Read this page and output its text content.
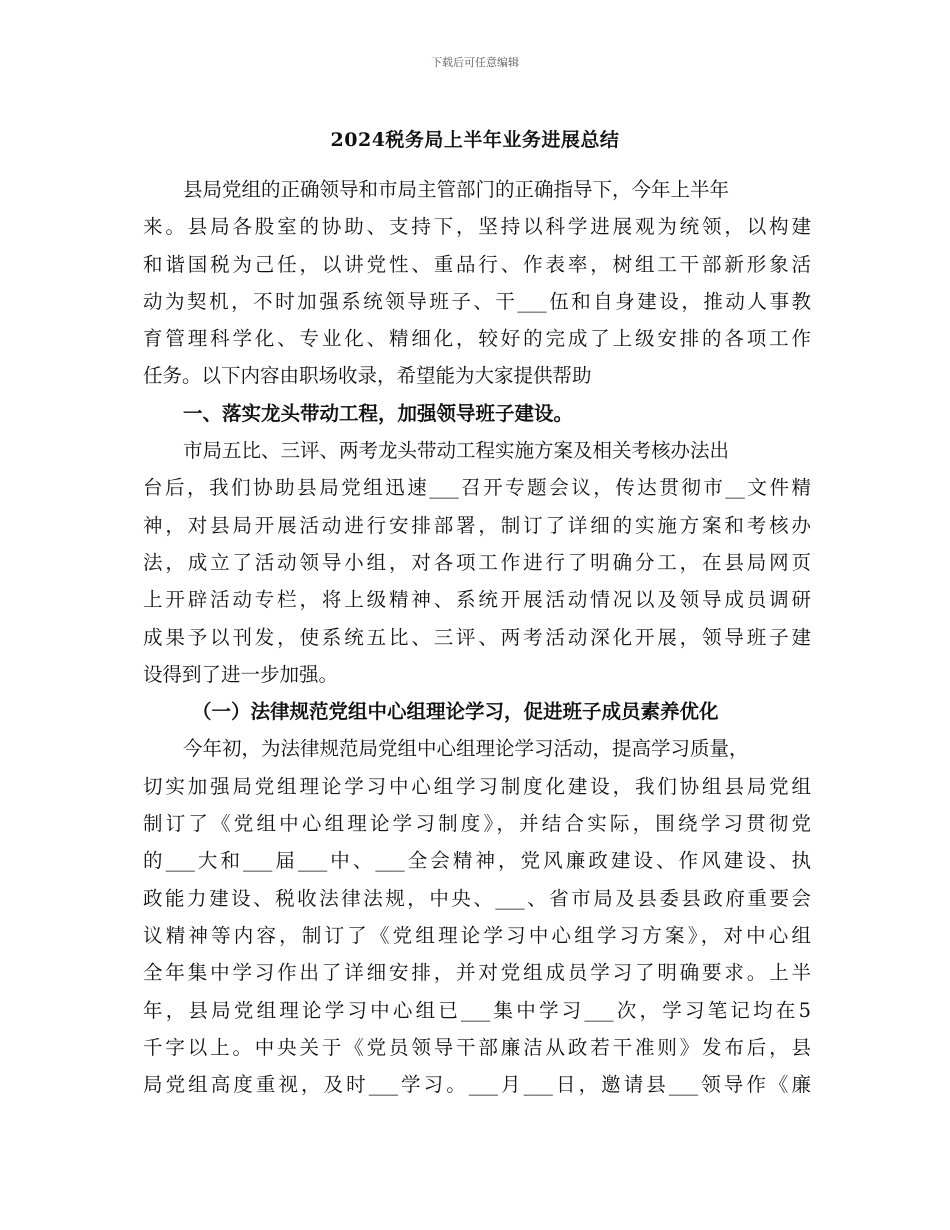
下载后可任意编辑
2024税务局上半年业务进展总结
县局党组的正确领导和市局主管部门的正确指导下，今年上半年
来。县局各股室的协助、支持下，坚持以科学进展观为统领，以构建
和谐国税为己任，以讲党性、重品行、作表率，树组工干部新形象活
动为契机，不时加强系统领导班子、干___伍和自身建设，推动人事教
育管理科学化、专业化、精细化，较好的完成了上级安排的各项工作
任务。以下内容由职场收录，希望能为大家提供帮助
一、落实龙头带动工程，加强领导班子建设。
市局五比、三评、两考龙头带动工程实施方案及相关考核办法出
台后，我们协助县局党组迅速___召开专题会议，传达贯彻市__文件精
神，对县局开展活动进行安排部署，制订了详细的实施方案和考核办
法，成立了活动领导小组，对各项工作进行了明确分工，在县局网页
上开辟活动专栏，将上级精神、系统开展活动情况以及领导成员调研
成果予以刊发，使系统五比、三评、两考活动深化开展，领导班子建
设得到了进一步加强。
（一）法律规范党组中心组理论学习，促进班子成员素养优化
今年初，为法律规范局党组中心组理论学习活动，提高学习质量，
切实加强局党组理论学习中心组学习制度化建设，我们协组县局党组
制订了《党组中心组理论学习制度》，并结合实际，围绕学习贯彻党
的___大和___届___中、___全会精神，党风廉政建设、作风建设、执
政能力建设、税收法律法规，中央、___、省市局及县委县政府重要会
议精神等内容，制订了《党组理论学习中心组学习方案》，对中心组
全年集中学习作出了详细安排，并对党组成员学习了明确要求。上半
年，县局党组理论学习中心组已___集中学习___次，学习笔记均在5
千字以上。中央关于《党员领导干部廉洁从政若干准则》发布后，县
局党组高度重视，及时___学习。___月___日，邀请县___领导作《廉
